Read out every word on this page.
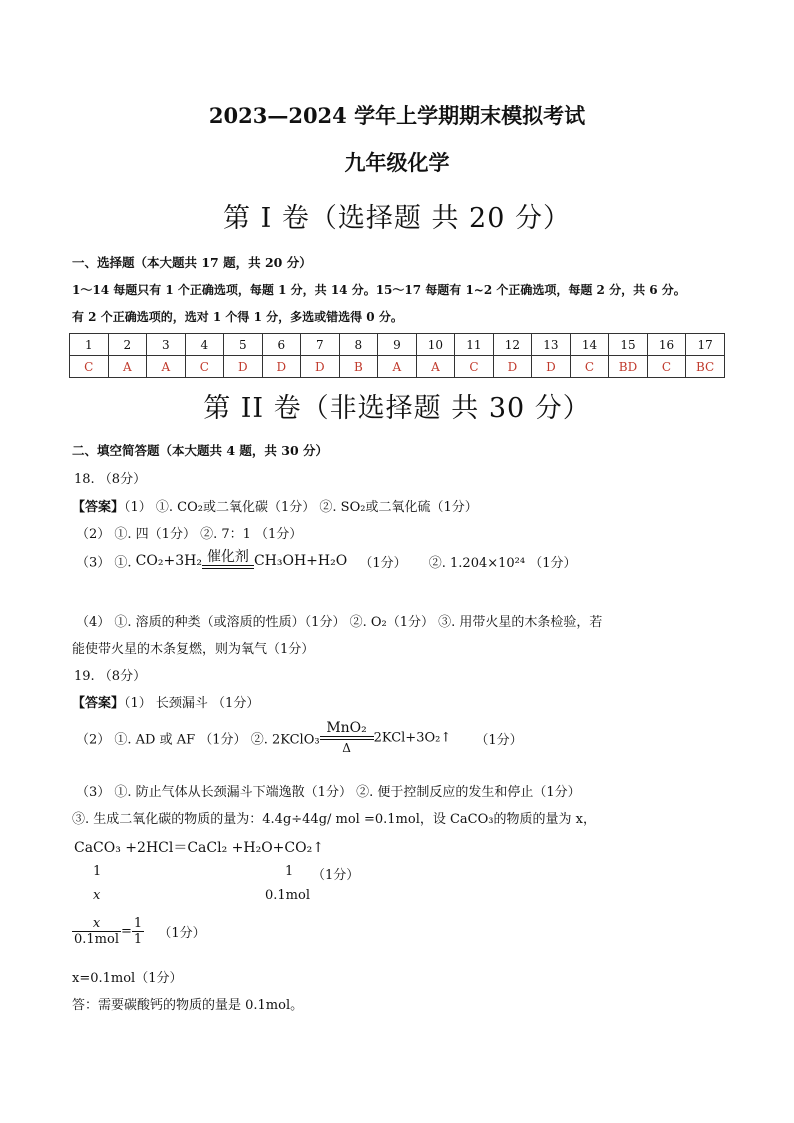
2023—2024 学年上学期期末模拟考试
九年级化学
第 I 卷（选择题 共 20 分）
一、选择题（本大题共 17 题，共 20 分）
1～14 每题只有 1 个正确选项，每题 1 分，共 14 分。15～17 每题有 1~2 个正确选项，每题 2 分，共 6 分。
有 2 个正确选项的，选对 1 个得 1 分，多选或错选得 0 分。
1	2	3	4	5	6	7	8	9	10	11	12	13	14	15	16	17
C	A	A	C	D	D	D	B	A	A	C	D	D	C	BD	C	BC
第 II 卷（非选择题 共 30 分）
二、填空简答题（本大题共 4 题，共 30 分）
18. （8分）
【答案】（1） ①. CO₂或二氧化碳（1分） ②. SO₂或二氧化硫（1分）
（2） ①. 四（1分） ②. 7：1 （1分）
（3） ①. CO₂+3H₂ 催化剂 CH₃OH+H₂O （1分） ②. 1.204×10²⁴ （1分）
（4） ①. 溶质的种类（或溶质的性质）（1分） ②. O₂（1分） ③. 用带火星的木条检验，若
能使带火星的木条复燃，则为氧气（1分）
19. （8分）
【答案】（1） 长颈漏斗 （1分）
（2） ①. AD 或 AF （1分） ②. 2KClO₃
MnO₂
Δ
2KCl+3O₂↑ （1分）
（3） ①. 防止气体从长颈漏斗下端逸散（1分） ②. 便于控制反应的发生和停止（1分）
③. 生成二氧化碳的物质的量为：4.4g÷44g/ mol =0.1mol，设 CaCO₃的物质的量为 x，
CaCO₃ +2HCl＝CaCl₂ +H₂O+CO₂↑
1	1 （1分）
x	0.1mol
$\frac{x}{\text{0.1mol}} = \frac{1}{1} (1$分）
x=0.1mol（1分）
答：需要碳酸钙的物质的量是 0.1mol。
